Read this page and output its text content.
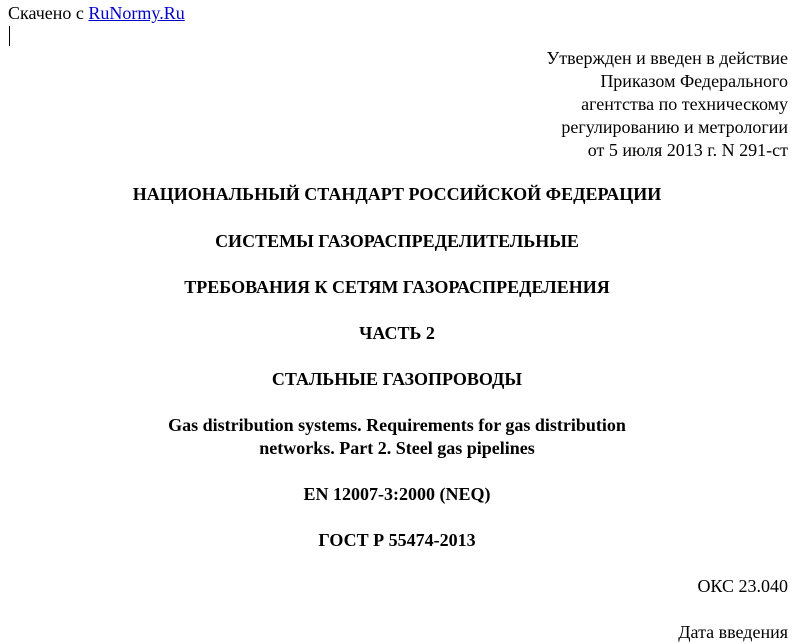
Скачено с RuNormy.Ru
Утвержден и введен в действие
Приказом Федерального
агентства по техническому
регулированию и метрологии
от 5 июля 2013 г. N 291-ст
НАЦИОНАЛЬНЫЙ СТАНДАРТ РОССИЙСКОЙ ФЕДЕРАЦИИ
СИСТЕМЫ ГАЗОРАСПРЕДЕЛИТЕЛЬНЫЕ
ТРЕБОВАНИЯ К СЕТЯМ ГАЗОРАСПРЕДЕЛЕНИЯ
ЧАСТЬ 2
СТАЛЬНЫЕ ГАЗОПРОВОДЫ
Gas distribution systems. Requirements for gas distribution
networks. Part 2. Steel gas pipelines
EN 12007-3:2000 (NEQ)
ГОСТ Р 55474-2013
ОКС 23.040
Дата введения
